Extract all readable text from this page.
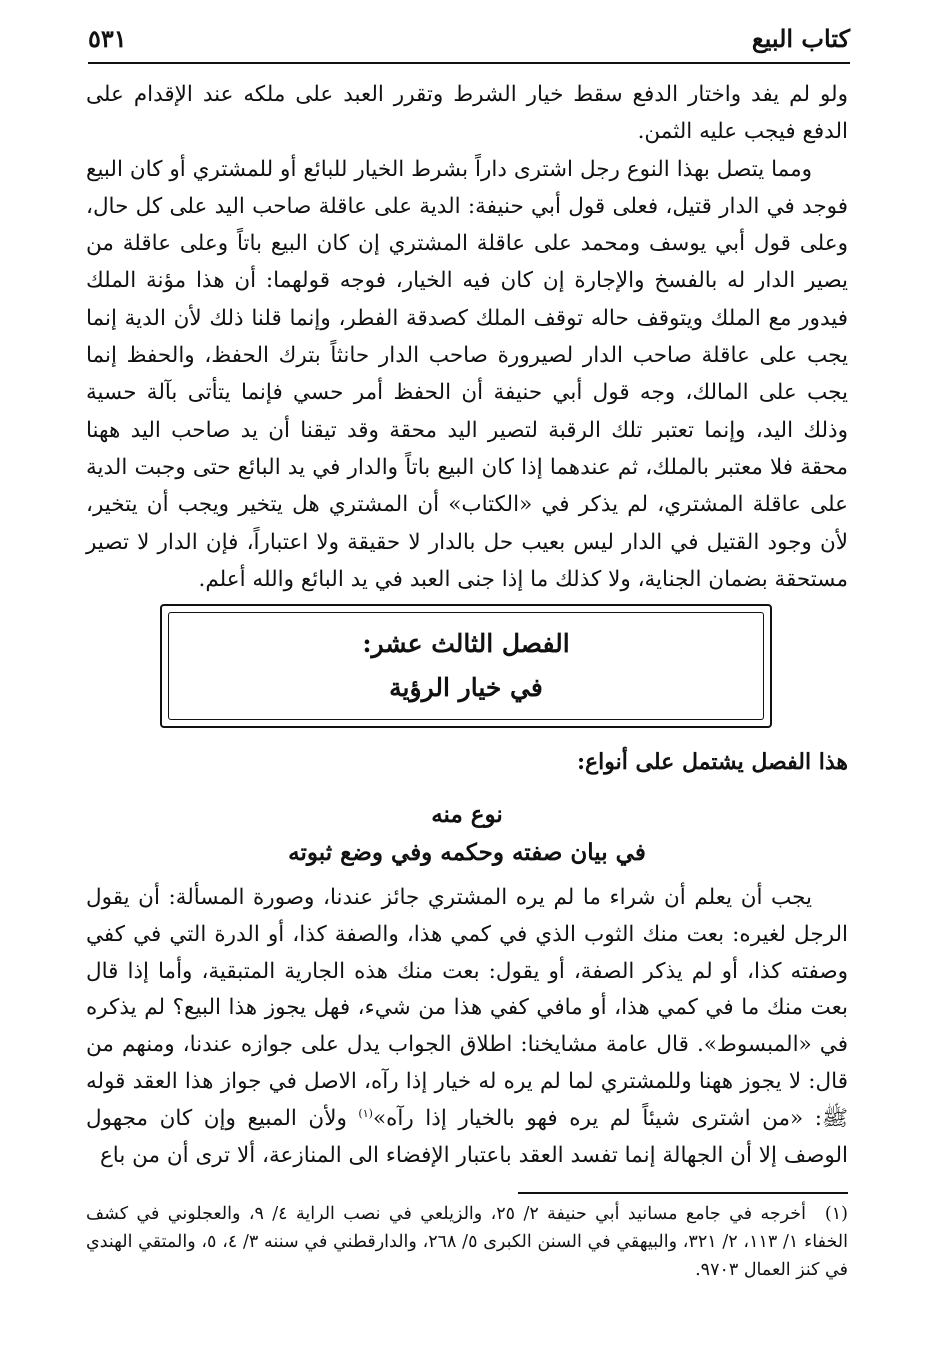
كتاب البيع
٥٣١

ولو لم يفد واختار الدفع سقط خيار الشرط وتقرر العبد على ملكه عند الإقدام على الدفع فيجب عليه الثمن.

ومما يتصل بهذا النوع رجل اشترى داراً بشرط الخيار للبائع أو للمشتري أو كان البيع فوجد في الدار قتيل، فعلى قول أبي حنيفة: الدية على عاقلة صاحب اليد على كل حال، وعلى قول أبي يوسف ومحمد على عاقلة المشتري إن كان البيع باتاً وعلى عاقلة من يصير الدار له بالفسخ والإجارة إن كان فيه الخيار، فوجه قولهما: أن هذا مؤنة الملك فيدور مع الملك ويتوقف حاله توقف الملك كصدقة الفطر، وإنما قلنا ذلك لأن الدية إنما يجب على عاقلة صاحب الدار لصيرورة صاحب الدار حانثاً بترك الحفظ، والحفظ إنما يجب على المالك، وجه قول أبي حنيفة أن الحفظ أمر حسي فإنما يتأتى بآلة حسية وذلك اليد، وإنما تعتبر تلك الرقبة لتصير اليد محقة وقد تيقنا أن يد صاحب اليد ههنا محقة فلا معتبر بالملك، ثم عندهما إذا كان البيع باتاً والدار في يد البائع حتى وجبت الدية على عاقلة المشتري، لم يذكر في «الكتاب» أن المشتري هل يتخير ويجب أن يتخير، لأن وجود القتيل في الدار ليس بعيب حل بالدار لا حقيقة ولا اعتباراً، فإن الدار لا تصير مستحقة بضمان الجناية، ولا كذلك ما إذا جنى العبد في يد البائع والله أعلم.

الفصل الثالث عشر:
في خيار الرؤية
هذا الفصل يشتمل على أنواع:
نوع منه
في بيان صفته وحكمه وفي وضع ثبوته

يجب أن يعلم أن شراء ما لم يره المشتري جائز عندنا، وصورة المسألة: أن يقول الرجل لغيره: بعت منك الثوب الذي في كمي هذا، والصفة كذا، أو الدرة التي في كفي وصفته كذا، أو لم يذكر الصفة، أو يقول: بعت منك هذه الجارية المتبقية، وأما إذا قال بعت منك ما في كمي هذا، أو مافي كفي هذا من شيء، فهل يجوز هذا البيع؟ لم يذكره في «المبسوط». قال عامة مشايخنا: اطلاق الجواب يدل على جوازه عندنا، ومنهم من قال: لا يجوز ههنا وللمشتري لما لم يره له خيار إذا رآه، الاصل في جواز هذا العقد قوله ﷺ: «من اشترى شيئاً لم يره فهو بالخيار إذا رآه»$^{(١)}$ ولأن المبيع وإن كان مجهول الوصف إلا أن الجهالة إنما تفسد العقد باعتبار الإفضاء الى المنازعة، ألا ترى أن من باع

(١)أخرجه في جامع مسانيد أبي حنيفة ٢/ ٢٥، والزيلعي في نصب الراية ٤/ ٩، والعجلوني في كشف الخفاء ١/ ١١٣، ٢/ ٣٢١، والبيهقي في السنن الكبرى ٥/ ٢٦٨، والدارقطني في سننه ٣/ ٤، ٥، والمتقي الهندي في كنز العمال ٩٧٠٣.
